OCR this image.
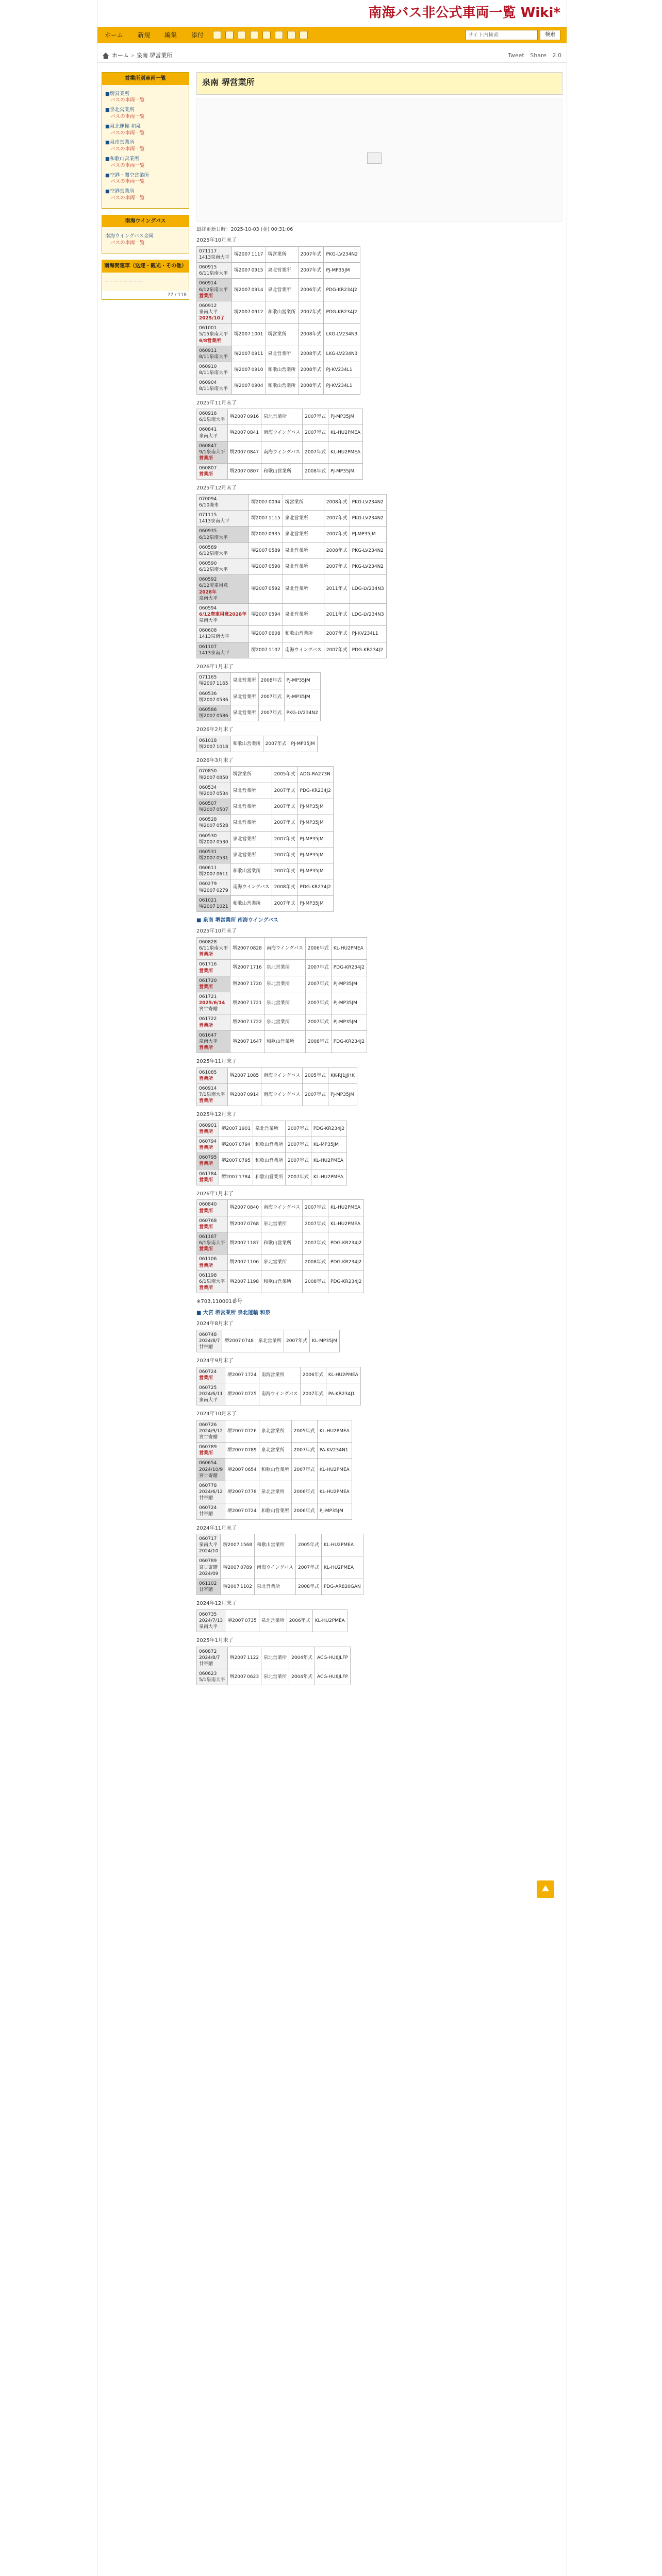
南海バス非公式車両一覧 Wiki*
ホーム	新規	編集	添付
サイト内検索	検索
ホーム » 泉南 堺営業所	Tweet Share 2.0
営業所別車両一覧
■堺営業所
バスの車両一覧
■泉北営業所
バスの車両一覧
■泉北運輸 和泉
バスの車両一覧
■泉南営業所
バスの車両一覧
■和歌山営業所
バスの車両一覧
■空港・関空営業所
バスの車両一覧
■空港営業所
バスの車両一覧
南海ウイングバス
南海ウイングバス金岡
バスの車両一覧
南海関連車（送迎・観光・その他）
ーーーーーーーー
77 / 118
泉南 堺営業所
最終更新日時：2025-10-03 (金) 00:31:06
2025年10月末了
071117
1413泉南大平	堺2007 1117	堺営業所	2007年式	PKG-LV234N2
060915
6/11泉南大平	堺2007 0915	泉北営業所	2007年式	PJ-MP35JM
060914
6/12泉南大平
営業所	堺2007 0914	泉北営業所	2006年式	PDG-KR234J2
060912
泉南大平
2025/10了	堺2007 0912	和歌山営業所	2007年式	PDG-KR234J2
061001
5/15泉南大平
6/8営業所	堺2007 1001	堺営業所	2008年式	LKG-LV234N3
060911
8/11泉南大平	堺2007 0911	泉北営業所	2008年式	LKG-LV234N3
060910
8/11泉南大平	堺2007 0910	和歌山営業所	2008年式	PJ-KV234L1
060904
8/11泉南大平	堺2007 0904	和歌山営業所	2008年式	PJ-KV234L1
2025年11月末了
060916
6/1泉南大平	堺2007 0916	泉北営業所	2007年式	PJ-MP35JM
060841
泉南大平	堺2007 0841	南海ウイングバス	2007年式	KL-HU2PMEA
060847
9/1泉南大平
営業所	堺2007 0847	南海ウイングバス	2007年式	KL-HU2PMEA
060807
営業所	堺2007 0807	和歌山営業所	2008年式	PJ-MP35JM
2025年12月末了
070094
6/10廃車	堺2007 0094	堺営業所	2008年式	PKG-LV234N2
071115
1413泉南大平	堺2007 1115	泉北営業所	2007年式	PKG-LV234N2
060935
6/12泉南大平	堺2007 0935	泉北営業所	2007年式	PJ-MP35JM
060589
6/12泉南大平	堺2007 0589	泉北営業所	2008年式	PKG-LV234N2
060590
6/12泉南大平	堺2007 0590	泉北営業所	2007年式	PKG-LV234N2
060592
6/12廃車用意
2028年
泉南大平	堺2007 0592	泉北営業所	2011年式	LDG-LV234N3
060594
6/12廃車用意2028年
泉南大平	堺2007 0594	泉北営業所	2011年式	LDG-LV234N3
060608
1413泉南大平	堺2007 0608	和歌山営業所	2007年式	PJ-KV234L1
061107
1413泉南大平	堺2007 1107	南海ウイングバス	2007年式	PDG-KR234J2
2026年1月末了
071165
堺2007 1165	泉北営業所	2008年式	PJ-MP35JM
060536
堺2007 0536	泉北営業所	2007年式	PJ-MP35JM
060586
堺2007 0586	泉北営業所	2007年式	PKG-LV234N2
2026年2月末了
061018
堺2007 1018	和歌山営業所	2007年式	PJ-MP35JM
2026年3月末了
070850
堺2007 0850	堺営業所	2005年式	ADG-RA273N
060534
堺2007 0534	泉北営業所	2007年式	PDG-KR234J2
060507
堺2007 0507	泉北営業所	2007年式	PJ-MP35JM
060528
堺2007 0528	泉北営業所	2007年式	PJ-MP35JM
060530
堺2007 0530	泉北営業所	2007年式	PJ-MP35JM
060531
堺2007 0531	泉北営業所	2007年式	PJ-MP35JM
060611
堺2007 0611	和歌山営業所	2007年式	PJ-MP35JM
060279
堺2007 0279	南海ウイングバス	2008年式	PDG-KR234J2
061021
堺2007 1021	和歌山営業所	2007年式	PJ-MP35JM
■ 泉南 堺営業所 南海ウイングバス
2025年10月末了
060828
6/11泉南大平
営業所	堺2007 0828	南海ウイングバス	2006年式	KL-HU2PMEA
061716
営業所	堺2007 1716	泉北営業所	2007年式	PDG-KR234J2
061720
営業所	堺2007 1720	泉北営業所	2007年式	PJ-MP35JM
061721
2025/6/14
宮廿寄贈	堺2007 1721	泉北営業所	2007年式	PJ-MP35JM
061722
営業所	堺2007 1722	泉北営業所	2007年式	PJ-MP35JM
061647
泉南大平
営業所	堺2007 1647	和歌山営業所	2008年式	PDG-KR234J2
2025年11月末了
061085
営業所	堺2007 1085	南海ウイングバス	2005年式	KK-RJ1JJHK
060914
7/1泉南大平
営業所	堺2007 0914	南海ウイングバス	2007年式	PJ-MP35JM
2025年12月末了
060901
営業所	堺2007 1901	泉北営業所	2007年式	PDG-KR234J2
060794
営業所	堺2007 0794	和歌山営業所	2007年式	KL-MP35JM
060795
営業所	堺2007 0795	和歌山営業所	2007年式	KL-HU2PMEA
061784
営業所	堺2007 1784	和歌山営業所	2007年式	KL-HU2PMEA
2026年1月末了
060840
営業所	堺2007 0840	南海ウイングバス	2007年式	KL-HU2PMEA
060768
営業所	堺2007 0768	泉北営業所	2007年式	KL-HU2PMEA
061187
6/1泉南大平
営業所	堺2007 1187	和歌山営業所	2007年式	PDG-KR234J2
061106
営業所	堺2007 1106	泉北営業所	2008年式	PDG-KR234J2
061198
6/1泉南大平
営業所	堺2007 1198	和歌山営業所	2008年式	PDG-KR234J2
※703,110001番号
■ 大宮 堺営業所 泉北運輸 和泉
2024年8月末了
060748
2024/8/7
廿寄贈	堺2007 0748	泉北営業所	2007年式	KL-MP35JM
2024年9月末了
060724
営業所	堺2007 1724	南海営業所	2006年式	KL-HU2PMEA
060725
2024/6/11
泉南大平	堺2007 0725	南海ウイングバス	2007年式	PA-KR234J1
2024年10月末了
060726
2024/9/12
宮廿寄贈	堺2007 0726	泉北営業所	2005年式	KL-HU2PMEA
060789
営業所	堺2007 0789	泉北営業所	2007年式	PA-KV234N1
060654
2024/10/9
宮廿寄贈	堺2007 0654	和歌山営業所	2007年式	KL-HU2PMEA
060778
2024/6/12
廿寄贈	堺2007 0778	泉北営業所	2006年式	KL-HU2PMEA
060724
廿寄贈	堺2007 0724	和歌山営業所	2006年式	PJ-MP35JM
2024年11月末了
060717
泉南大平
2024/10	堺2007 1568	和歌山営業所	2005年式	KL-HU2PMEA
060789
宮廿寄贈
2024/09	堺2007 0789	南海ウイングバス	2007年式	KL-HU2PMEA
061102
廿寄贈	堺2007 1102	泉北営業所	2008年式	PDG-AR820GAN
2024年12月末了
060735
2024/7/13
泉南大平	堺2007 0735	泉北営業所	2006年式	KL-HU2PMEA
2025年1月末了
060872
2024/8/7
廿寄贈	堺2007 1122	泉北営業所	2004年式	ACG-HU8JLFP
060623
5/1泉南大平	堺2007 0623	泉北営業所	2004年式	ACG-HU8JLFP
